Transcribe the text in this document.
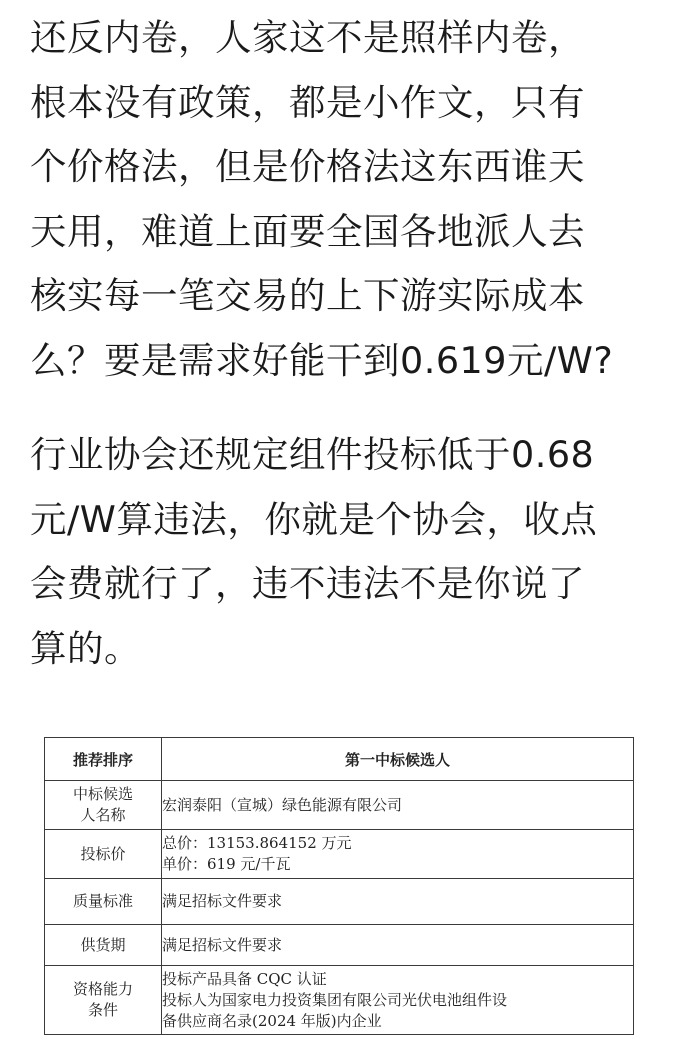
还反内卷，人家这不是照样内卷，
根本没有政策，都是小作文，只有
个价格法，但是价格法这东西谁天
天用，难道上面要全国各地派人去
核实每一笔交易的上下游实际成本
么？要是需求好能干到0.619元/W?

行业协会还规定组件投标低于0.68
元/W算违法，你就是个协会，收点
会费就行了，违不违法不是你说了
算的。

推荐排序	第一中标候选人

中标候选
人名称	宏润泰阳（宣城）绿色能源有限公司

投标价	总价：13153.864152 万元
单价：619 元/千瓦

质量标准	满足招标文件要求

供货期	满足招标文件要求

资格能力
条件	投标产品具备 CQC 认证
投标人为国家电力投资集团有限公司光伏电池组件设
备供应商名录(2024 年版)内企业
